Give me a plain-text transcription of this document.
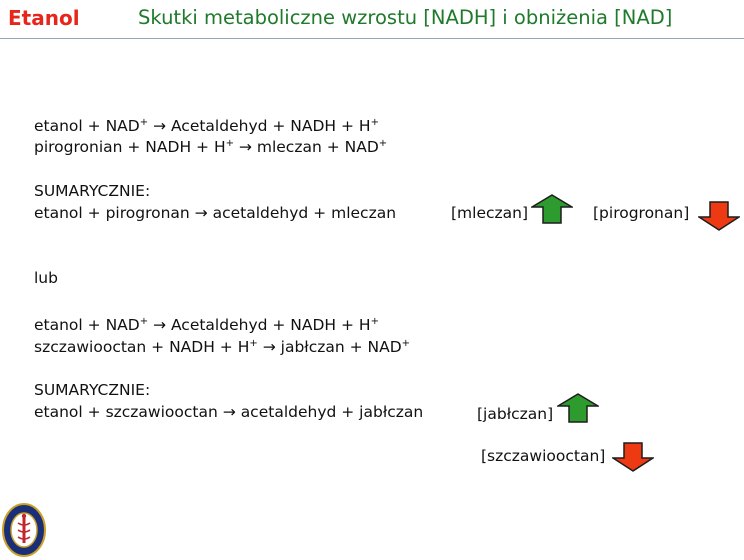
Etanol	Skutki metaboliczne wzrostu [NADH] i obniżenia [NAD]
etanol + NAD+ → Acetaldehyd + NADH + H+
pirogronian + NADH + H+ → mleczan + NAD+
SUMARYCZNIE:
etanol + pirogronan → acetaldehyd + mleczan	[mleczan]	[pirogronan]
lub
etanol + NAD+ → Acetaldehyd + NADH + H+
szczawiooctan + NADH + H+ → jabłczan + NAD+
SUMARYCZNIE:
etanol + szczawiooctan → acetaldehyd + jabłczan	[jabłczan]
[szczawiooctan]
